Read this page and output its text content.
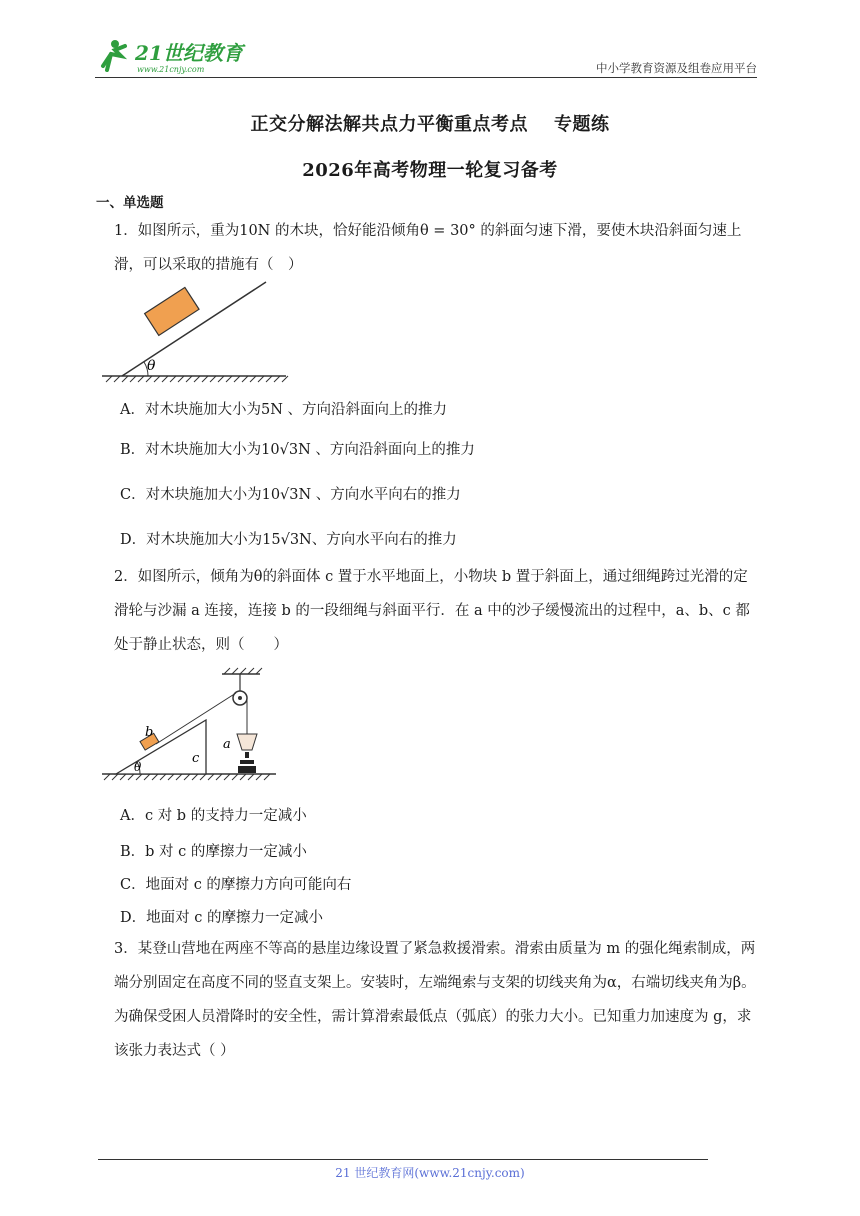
21世纪教育
www.21cnjy.com	中小学教育资源及组卷应用平台
正交分解法解共点力平衡重点考点 专题练
2026年高考物理一轮复习备考
一、单选题
1．如图所示，重为10N 的木块，恰好能沿倾角θ = 30° 的斜面匀速下滑，要使木块沿斜面匀速上滑，可以采取的措施有（　）
θ
A．对木块施加大小为5N 、方向沿斜面向上的推力
B．对木块施加大小为10√3N 、方向沿斜面向上的推力
C．对木块施加大小为10√3N 、方向水平向右的推力
D．对木块施加大小为15√3N、方向水平向右的推力
2．如图所示，倾角为θ的斜面体 c 置于水平地面上，小物块 b 置于斜面上，通过细绳跨过光滑的定滑轮与沙漏 a 连接，连接 b 的一段细绳与斜面平行．在 a 中的沙子缓慢流出的过程中，a、b、c 都处于静止状态，则（　　）
θ
c
b
a
A．c 对 b 的支持力一定减小
B．b 对 c 的摩擦力一定减小
C．地面对 c 的摩擦力方向可能向右
D．地面对 c 的摩擦力一定减小
3．某登山营地在两座不等高的悬崖边缘设置了紧急救援滑索。滑索由质量为 m 的强化绳索制成，两端分别固定在高度不同的竖直支架上。安装时，左端绳索与支架的切线夹角为α，右端切线夹角为β。为确保受困人员滑降时的安全性，需计算滑索最低点（弧底）的张力大小。已知重力加速度为 g，求该张力表达式（ ）
21 世纪教育网(www.21cnjy.com)
